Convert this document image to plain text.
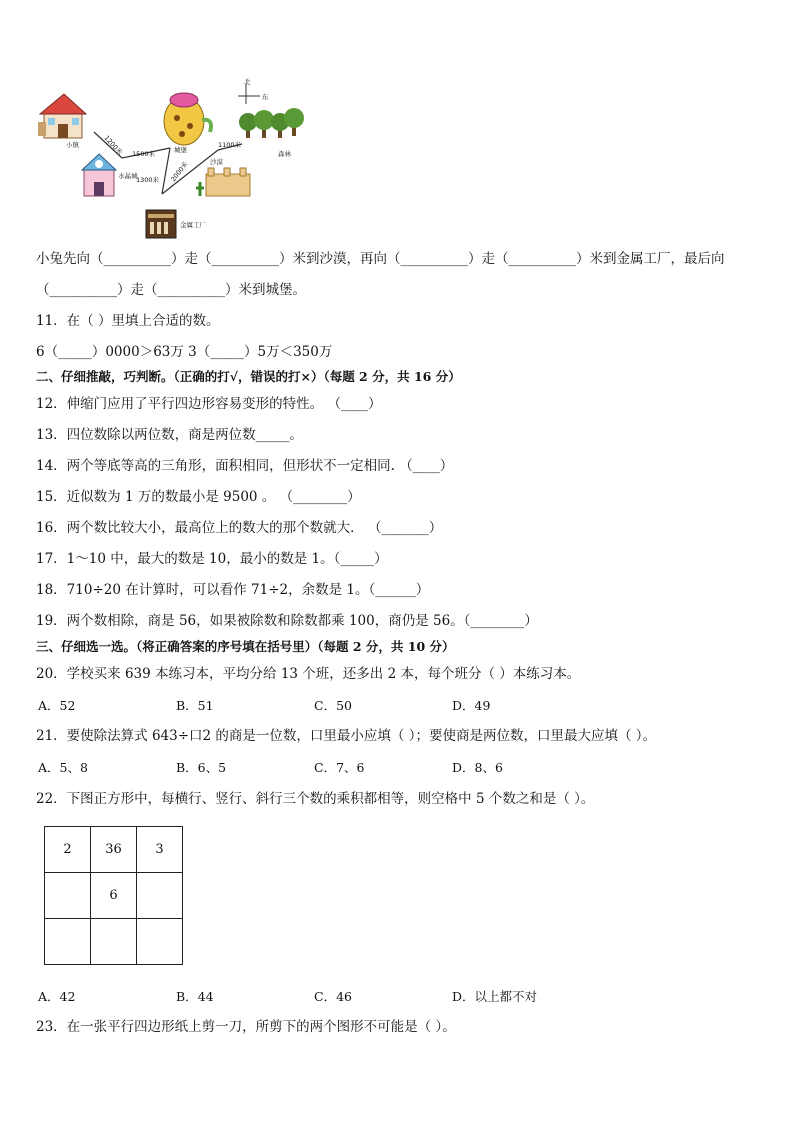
小镇
水晶城
城堡	森林
沙漠
金属工厂
北
东
1200米 1500米
1300米 2000米
1100米
小兔先向（__________）走（__________）米到沙漠，再向（__________）走（__________）米到金属工厂，最后向
（__________）走（__________）米到城堡。
11．在（ ）里填上合适的数。
6（_____）0000＞63万 3（_____）5万＜350万
二、仔细推敲，巧判断。（正确的打√，错误的打×）（每题 2 分，共 16 分）
12．伸缩门应用了平行四边形容易变形的特性。 （____）
13．四位数除以两位数，商是两位数_____。
14．两个等底等高的三角形，面积相同，但形状不一定相同. （____）
15．近似数为 1 万的数最小是 9500 。 （________）
16．两个数比较大小，最高位上的数大的那个数就大． （_______）
17．1～10 中，最大的数是 10，最小的数是 1。（_____）
18．710÷20 在计算时，可以看作 71÷2，余数是 1。（______）
19．两个数相除，商是 56，如果被除数和除数都乘 100，商仍是 56。（________）
三、仔细选一选。（将正确答案的序号填在括号里）（每题 2 分，共 10 分）
20．学校买来 639 本练习本，平均分给 13 个班，还多出 2 本，每个班分（ ）本练习本。
A．52	B．51	C．50	D．49
21．要使除法算式 643÷口2 的商是一位数，口里最小应填（ ）；要使商是两位数，口里最大应填（ ）。
A．5、8	B．6、5	C．7、6	D．8、6
22．下图正方形中，每横行、竖行、斜行三个数的乘积都相等，则空格中 5 个数之和是（ ）。
2	36	3
	6	

A．42	B．44	C．46	D．以上都不对
23．在一张平行四边形纸上剪一刀，所剪下的两个图形不可能是（ ）。
